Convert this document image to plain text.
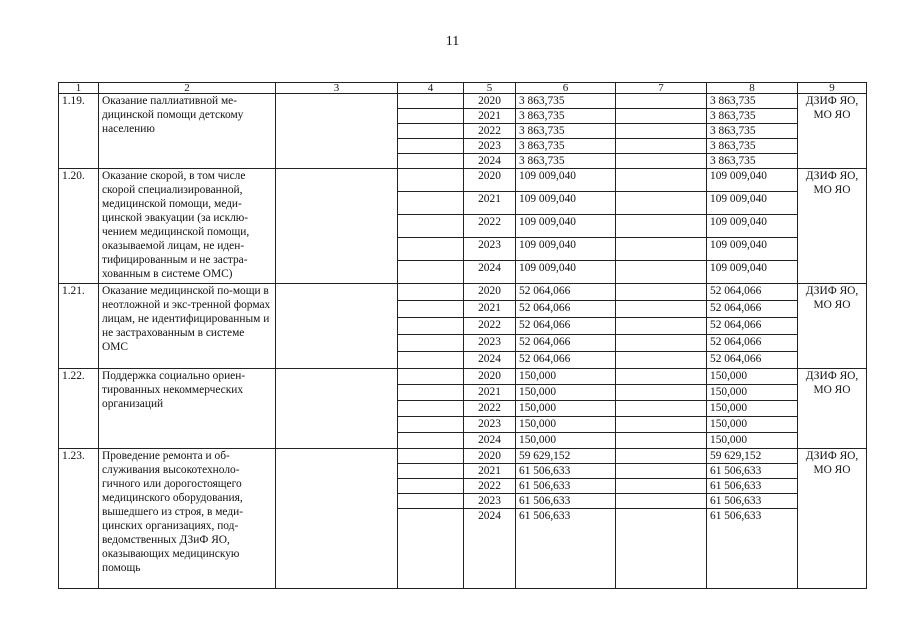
11
1	2	3	4	5	6	7	8	9
1.19.	Оказание паллиативной ме-дицинской помощи детскому населению			2020	3 863,735		3 863,735	ДЗИФ ЯО, МО ЯО
				2021	3 863,735		3 863,735	
				2022	3 863,735		3 863,735	
				2023	3 863,735		3 863,735	
				2024	3 863,735		3 863,735	
1.20.	Оказание скорой, в том числе скорой специализированной, медицинской помощи, меди-цинской эвакуации (за исклю-чением медицинской помощи, оказываемой лицам, не иден-тифицированным и не застра-хованным в системе ОМС)			2020	109 009,040		109 009,040	ДЗИФ ЯО, МО ЯО
				2021	109 009,040		109 009,040	
				2022	109 009,040		109 009,040	
				2023	109 009,040		109 009,040	
				2024	109 009,040		109 009,040	
1.21.	Оказание медицинской по-мощи в неотложной и экс-тренной формах лицам, не идентифицированным и не застрахованным в системе ОМС			2020	52 064,066		52 064,066	ДЗИФ ЯО, МО ЯО
				2021	52 064,066		52 064,066	
				2022	52 064,066		52 064,066	
				2023	52 064,066		52 064,066	
				2024	52 064,066		52 064,066	
1.22.	Поддержка социально ориен-тированных некоммерческих организаций			2020	150,000		150,000	ДЗИФ ЯО, МО ЯО
				2021	150,000		150,000	
				2022	150,000		150,000	
				2023	150,000		150,000	
				2024	150,000		150,000	
1.23.	Проведение ремонта и об-служивания высокотехноло-гичного или дорогостоящего медицинского оборудования, вышедшего из строя, в меди-цинских организациях, под-ведомственных ДЗиФ ЯО, оказывающих медицинскую помощь			2020	59 629,152		59 629,152	ДЗИФ ЯО, МО ЯО
				2021	61 506,633		61 506,633	
				2022	61 506,633		61 506,633	
				2023	61 506,633		61 506,633	
				2024	61 506,633		61 506,633	
